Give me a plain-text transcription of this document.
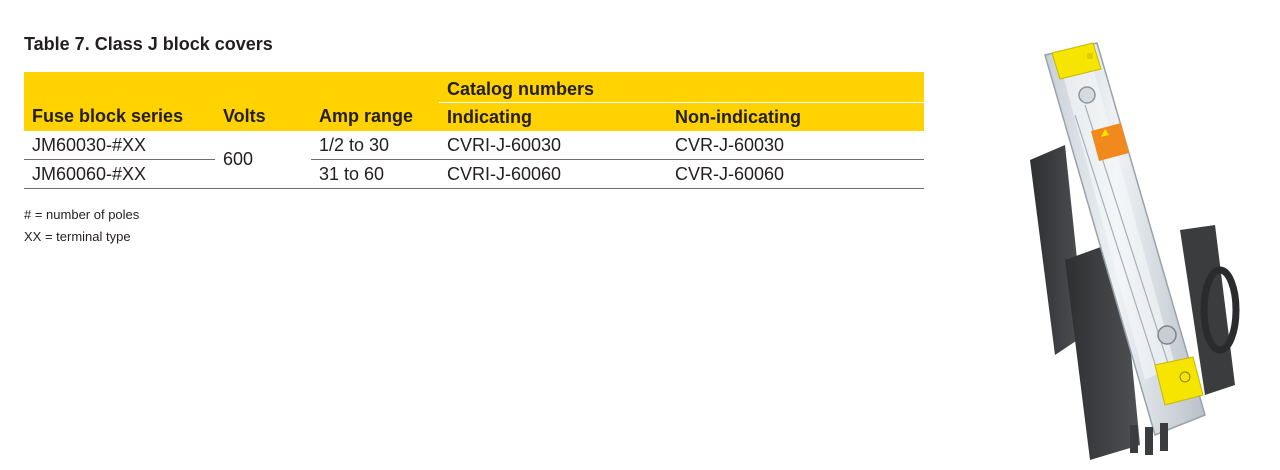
Table 7. Class J block covers
			Catalog numbers	
Fuse block series	Volts	Amp range	Indicating	Non-indicating
JM60030-#XX	600	1/2 to 30	CVRI-J-60030	CVR-J-60030
JM60060-#XX		31 to 60	CVRI-J-60060	CVR-J-60060
# = number of poles
XX = terminal type
